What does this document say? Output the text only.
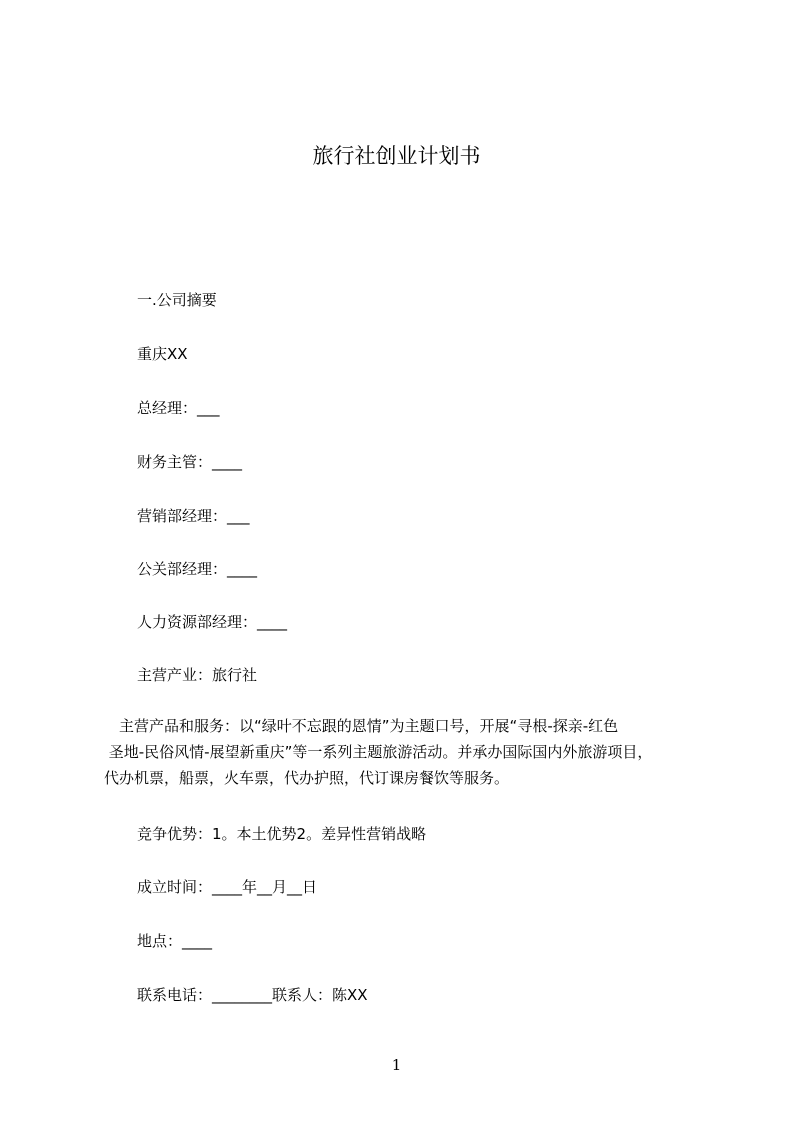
旅行社创业计划书
一.公司摘要
重庆XX
总经理：___
财务主管：____
营销部经理：___
公关部经理：____
人力资源部经理：____
主营产业：旅行社
　主营产品和服务：以“绿叶不忘跟的恩情”为主题口号，开展“寻根-探亲-红色
圣地-民俗风情-展望新重庆”等一系列主题旅游活动。并承办国际国内外旅游项目，
代办机票，船票，火车票，代办护照，代订课房餐饮等服务。
竞争优势：1。本土优势2。差异性营销战略
成立时间：____年__月__日
地点：____
联系电话：________联系人：陈XX
1
